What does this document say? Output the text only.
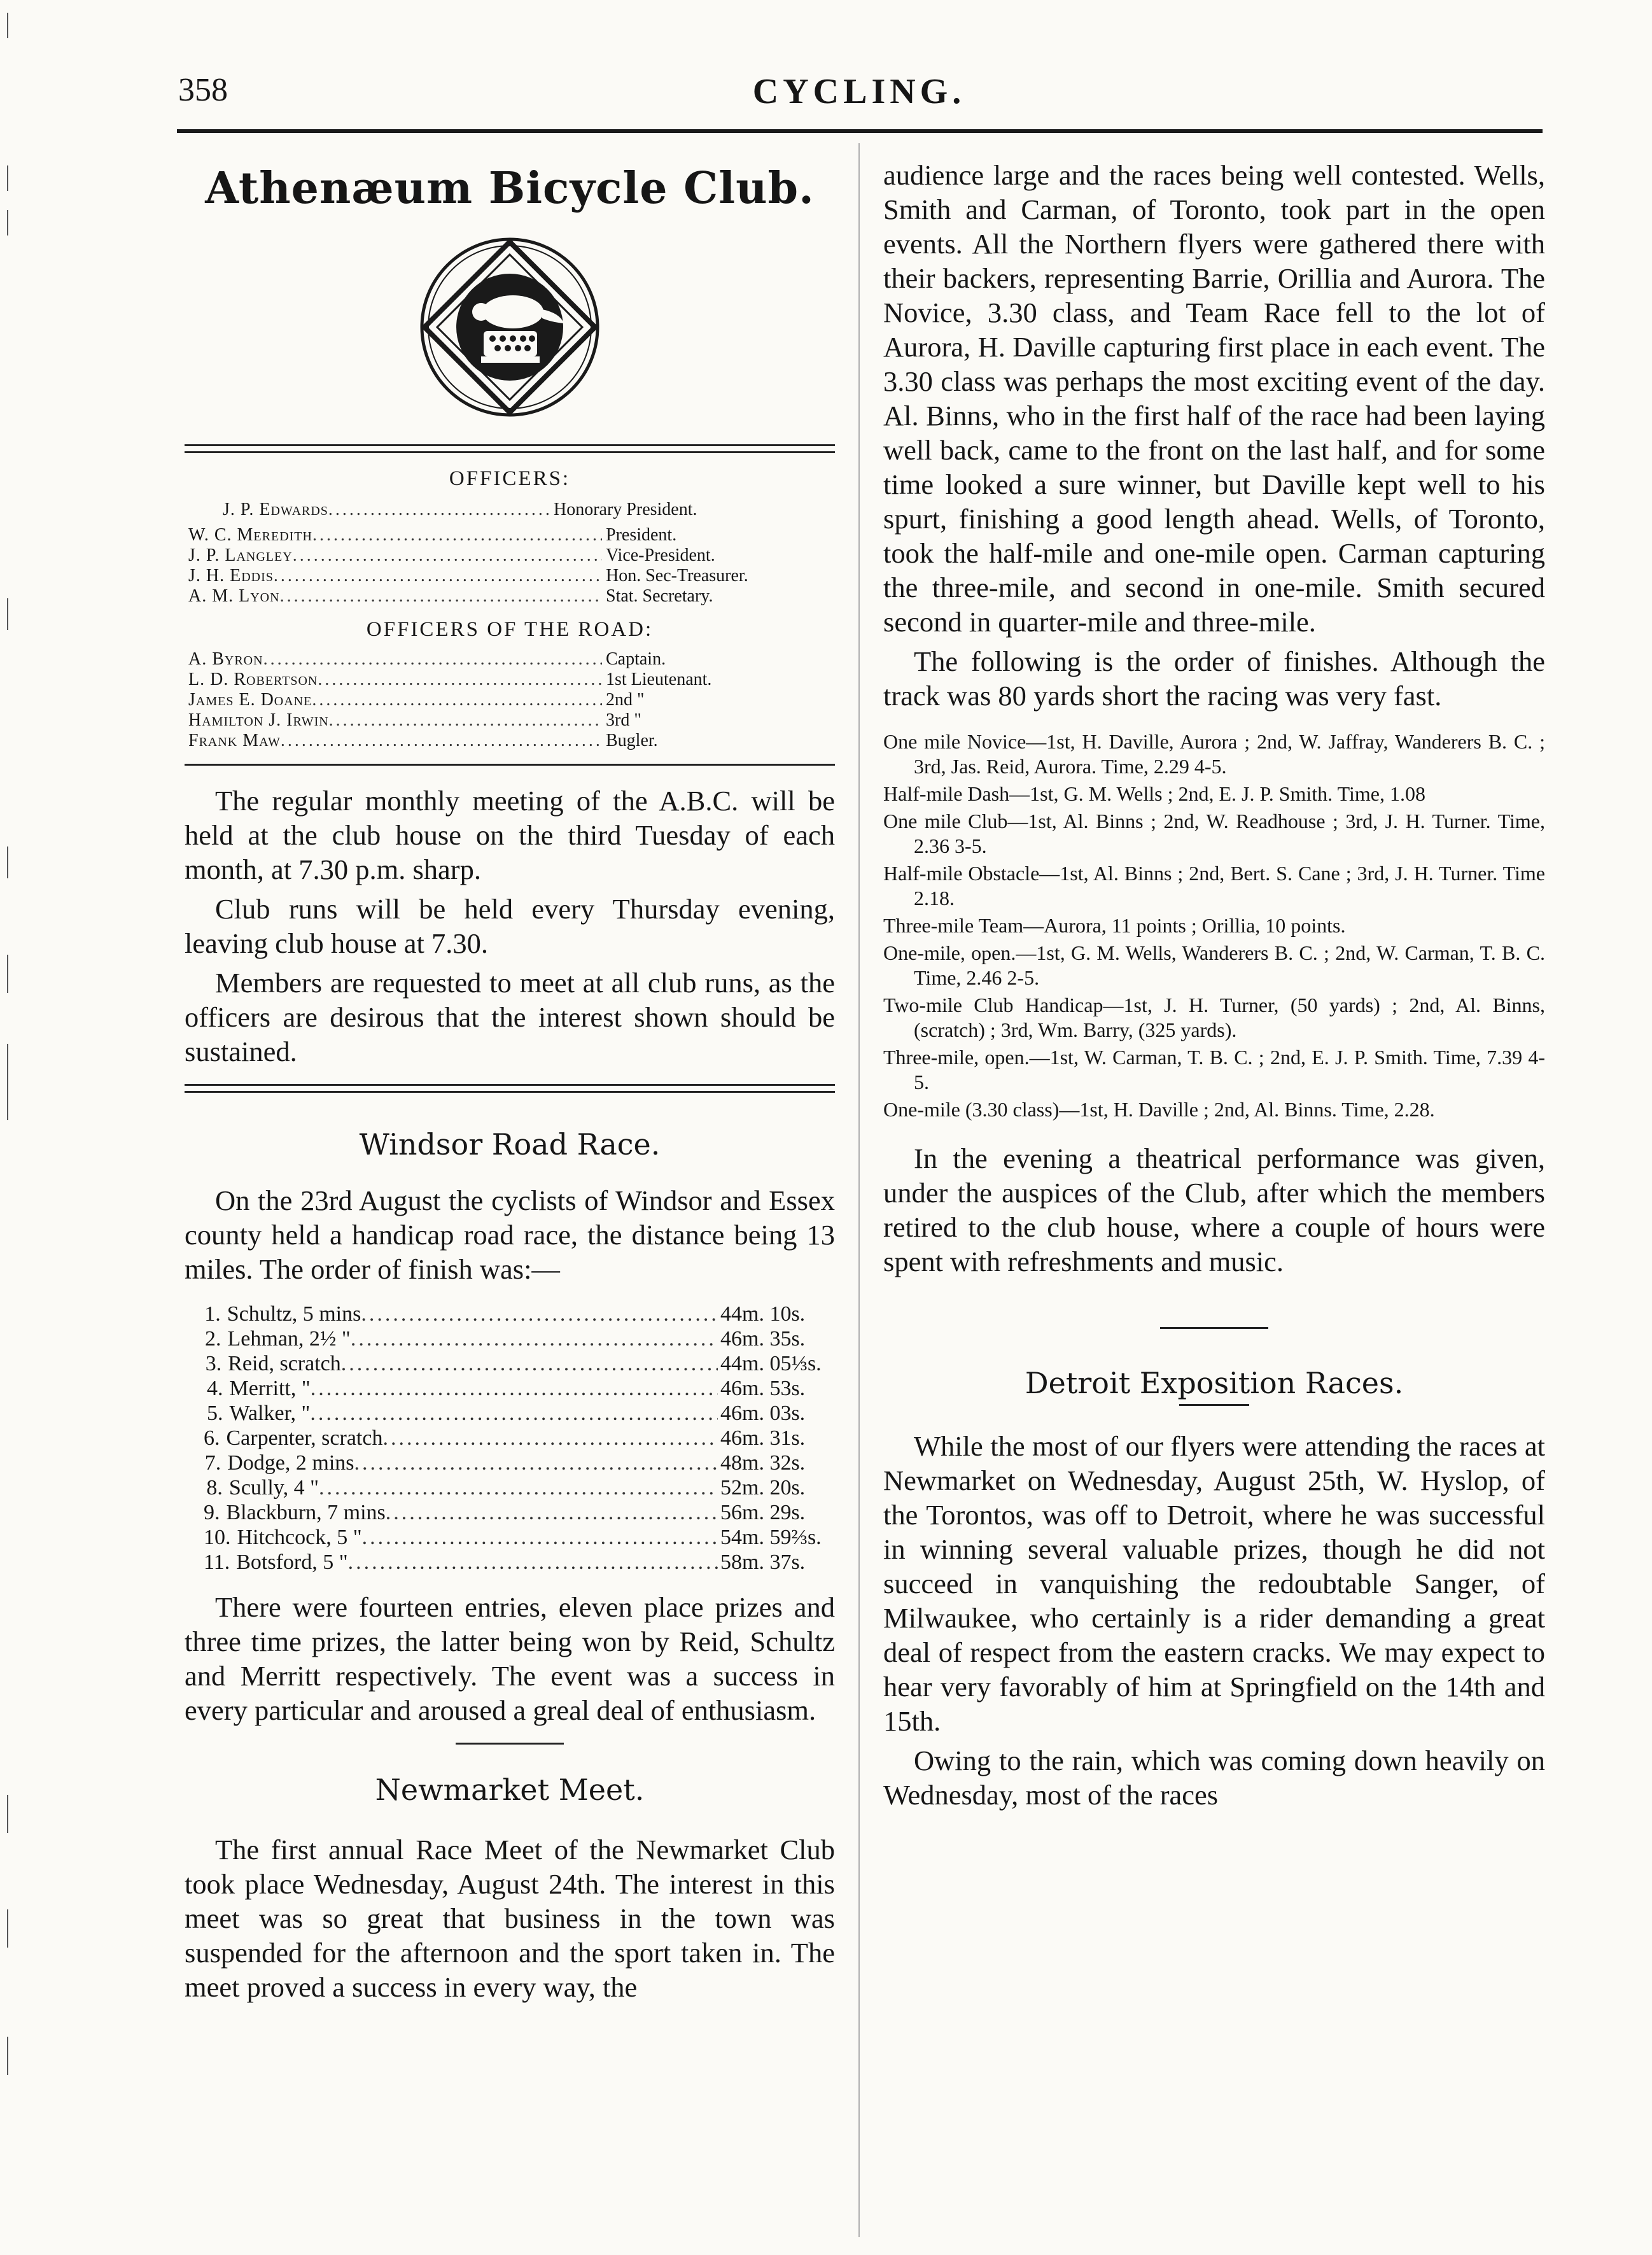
358	CYCLING.
Athenæum Bicycle Club.
OFFICERS:
J. P. Edwards .....	Honorary President.
W. C. Meredith .....	President.
J. P. Langley .....	Vice-President.
J. H. Eddis .....	Hon. Sec-Treasurer.
A. M. Lyon .....	Stat. Secretary.
OFFICERS OF THE ROAD:
A. Byron .....	Captain.
L. D. Robertson .....	1st Lieutenant.
James E. Doane .....	2nd "
Hamilton J. Irwin .....	3rd "
Frank Maw .....	Bugler.

The regular monthly meeting of the A.B.C. will be held at the club house on the third Tuesday of each month, at 7.30 p.m. sharp.

Club runs will be held every Thursday evening, leaving club house at 7.30.

Members are requested to meet at all club runs, as the officers are desirous that the interest shown should be sustained.

Windsor Road Race.

On the 23rd August the cyclists of Windsor and Essex county held a handicap road race, the distance being 13 miles. The order of finish was:—

1. Schultz, 5 mins .....	44m. 10s.
2. Lehman, 2½ " .....	46m. 35s.
3. Reid, scratch .....	44m. 05⅓s.
4. Merritt, " .....	46m. 53s.
5. Walker, " .....	46m. 03s.
6. Carpenter, scratch .....	46m. 31s.
7. Dodge, 2 mins .....	48m. 32s.
8. Scully, 4 " .....	52m. 20s.
9. Blackburn, 7 mins .....	56m. 29s.
10. Hitchcock, 5 " .....	54m. 59⅔s.
11. Botsford, 5 " .....	58m. 37s.

There were fourteen entries, eleven place prizes and three time prizes, the latter being won by Reid, Schultz and Merritt respectively. The event was a success in every particular and aroused a greal deal of enthusiasm.

Newmarket Meet.

The first annual Race Meet of the Newmarket Club took place Wednesday, August 24th. The interest in this meet was so great that business in the town was suspended for the afternoon and the sport taken in. The meet proved a success in every way, the

audience large and the races being well contested. Wells, Smith and Carman, of Toronto, took part in the open events. All the Northern flyers were gathered there with their backers, representing Barrie, Orillia and Aurora. The Novice, 3.30 class, and Team Race fell to the lot of Aurora, H. Daville capturing first place in each event. The 3.30 class was perhaps the most exciting event of the day. Al. Binns, who in the first half of the race had been laying well back, came to the front on the last half, and for some time looked a sure winner, but Daville kept well to his spurt, finishing a good length ahead. Wells, of Toronto, took the half-mile and one-mile open. Carman capturing the three-mile, and second in one-mile. Smith secured second in quarter-mile and three-mile.

The following is the order of finishes. Although the track was 80 yards short the racing was very fast.

One mile Novice—1st, H. Daville, Aurora ; 2nd, W. Jaffray, Wanderers B. C. ; 3rd, Jas. Reid, Aurora. Time, 2.29 4-5.

Half-mile Dash—1st, G. M. Wells ; 2nd, E. J. P. Smith. Time, 1.08

One mile Club—1st, Al. Binns ; 2nd, W. Readhouse ; 3rd, J. H. Turner. Time, 2.36 3-5.

Half-mile Obstacle—1st, Al. Binns ; 2nd, Bert. S. Cane ; 3rd, J. H. Turner. Time 2.18.

Three-mile Team—Aurora, 11 points ; Orillia, 10 points.

One-mile, open.—1st, G. M. Wells, Wanderers B. C. ; 2nd, W. Carman, T. B. C. Time, 2.46 2-5.

Two-mile Club Handicap—1st, J. H. Turner, (50 yards) ; 2nd, Al. Binns, (scratch) ; 3rd, Wm. Barry, (325 yards).

Three-mile, open.—1st, W. Carman, T. B. C. ; 2nd, E. J. P. Smith. Time, 7.39 4-5.

One-mile (3.30 class)—1st, H. Daville ; 2nd, Al. Binns. Time, 2.28.

In the evening a theatrical performance was given, under the auspices of the Club, after which the members retired to the club house, where a couple of hours were spent with refreshments and music.

Detroit Exposition Races.

While the most of our flyers were attending the races at Newmarket on Wednesday, August 25th, W. Hyslop, of the Torontos, was off to Detroit, where he was successful in winning several valuable prizes, though he did not succeed in vanquishing the redoubtable Sanger, of Milwaukee, who certainly is a rider demanding a great deal of respect from the eastern cracks. We may expect to hear very favorably of him at Springfield on the 14th and 15th.

Owing to the rain, which was coming down heavily on Wednesday, most of the races
